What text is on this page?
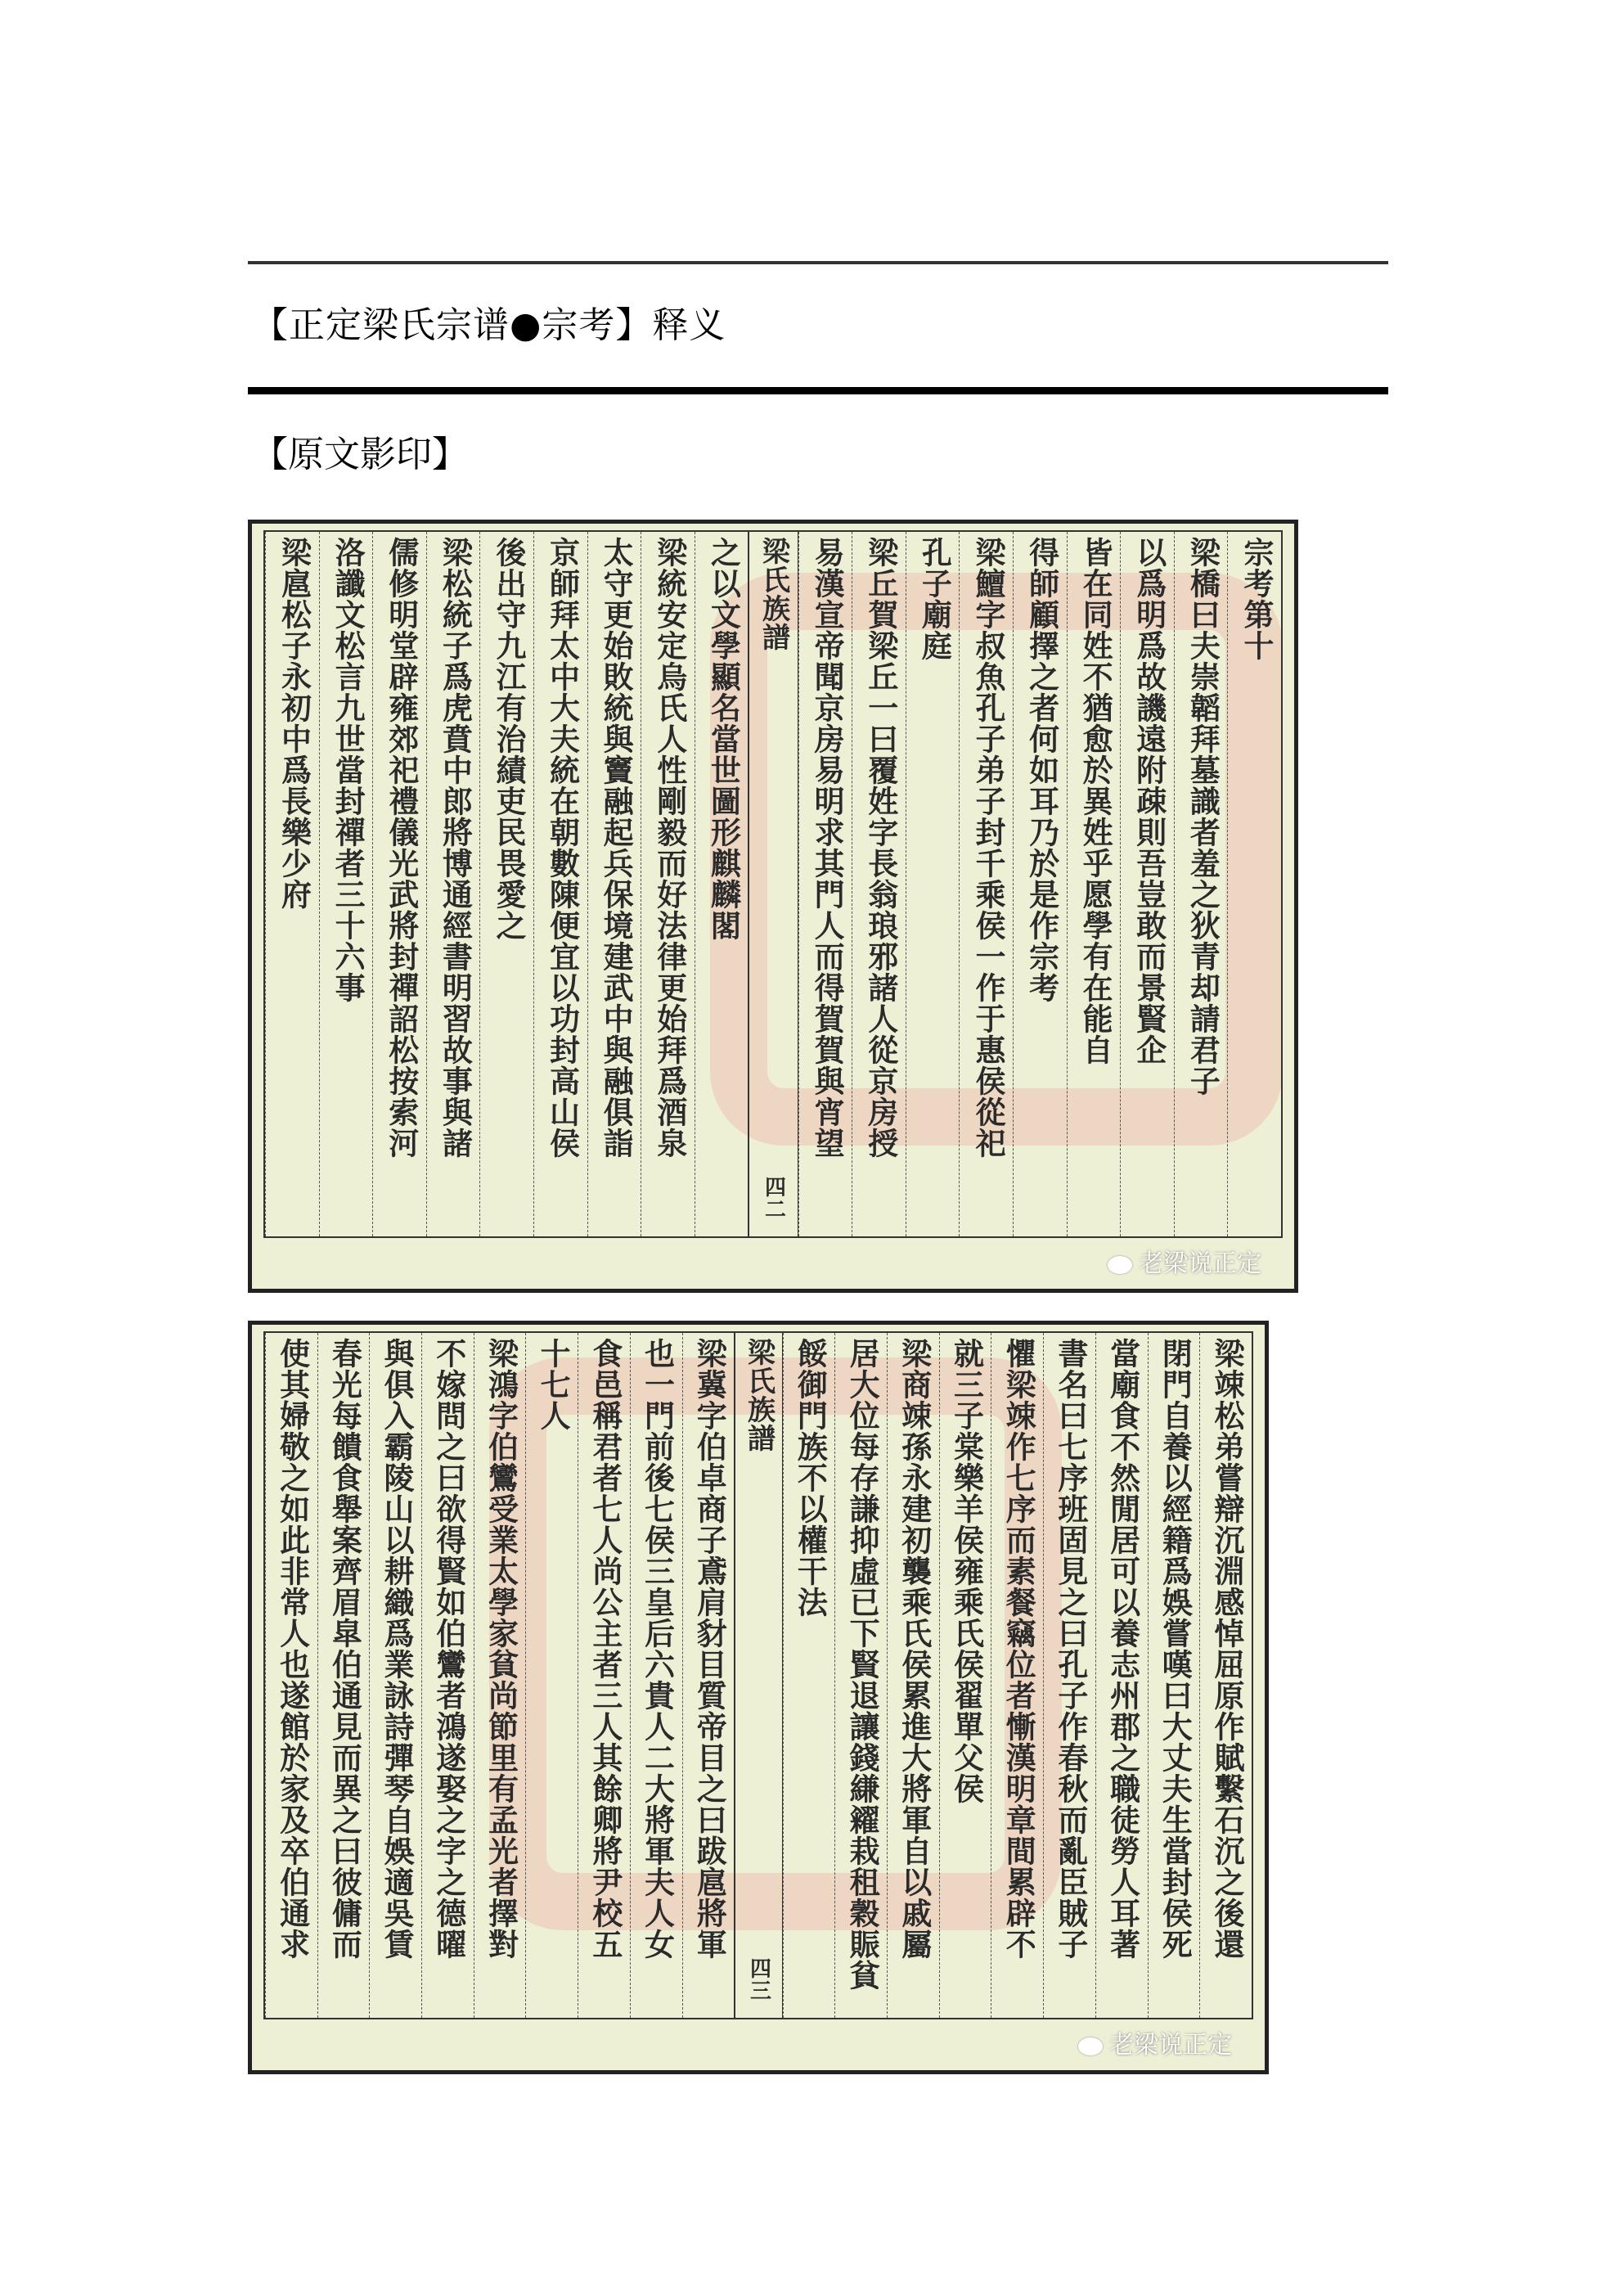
【正定梁氏宗谱●宗考】释义
【原文影印】
宗考第十
梁橋曰夫崇韜拜墓識者羞之狄青却請君子
以爲明爲故譏遠附疎則吾豈敢而景賢企
皆在同姓不猶愈於異姓乎愿學有在能自
得師顧擇之者何如耳乃於是作宗考
梁鱣字叔魚孔子弟子封千乘侯一作于惠侯從祀
孔子廟庭
梁丘賀梁丘一曰覆姓字長翁琅邪諸人從京房授
易漢宣帝聞京房易明求其門人而得賀賀與宵望
梁氏族譜
四二
之以文學顯名當世圖形麒麟閣
梁統安定烏氏人性剛毅而好法律更始拜爲酒泉
太守更始敗統與竇融起兵保境建武中與融俱詣
京師拜太中大夫統在朝數陳便宜以功封高山侯
後出守九江有治績吏民畏愛之
梁松統子爲虎賁中郎將博通經書明習故事與諸
儒修明堂辟雍郊祀禮儀光武將封禪詔松按索河
洛讖文松言九世當封禪者三十六事
梁扈松子永初中爲長樂少府
老梁说正定
梁竦松弟嘗辯沉淵感悼屈原作賦繫石沉之後還
閉門自養以經籍爲娛嘗嘆曰大丈夫生當封侯死
當廟食不然閒居可以養志州郡之職徒勞人耳著
書名曰七序班固見之曰孔子作春秋而亂臣賊子
懼梁竦作七序而素餐竊位者慚漢明章間累辟不
就三子棠樂羊侯雍乘氏侯翟單父侯
梁商竦孫永建初襲乘氏侯累進大將軍自以戚屬
居大位每存謙抑虛已下賢退讓錢縑糴栽租穀賑貧
餒御門族不以權干法
梁氏族譜
四三
梁冀字伯卓商子鳶肩豺目質帝目之曰跋扈將軍
也一門前後七侯三皇后六貴人二大將軍夫人女
食邑稱君者七人尚公主者三人其餘卿將尹校五
十七人
梁鴻字伯鸞受業太學家貧尚節里有孟光者擇對
不嫁問之曰欲得賢如伯鸞者鴻遂娶之字之德曜
與俱入霸陵山以耕織爲業詠詩彈琴自娛適吳賃
春光每饋食舉案齊眉皐伯通見而異之曰彼傭而
使其婦敬之如此非常人也遂館於家及卒伯通求
老梁说正定
